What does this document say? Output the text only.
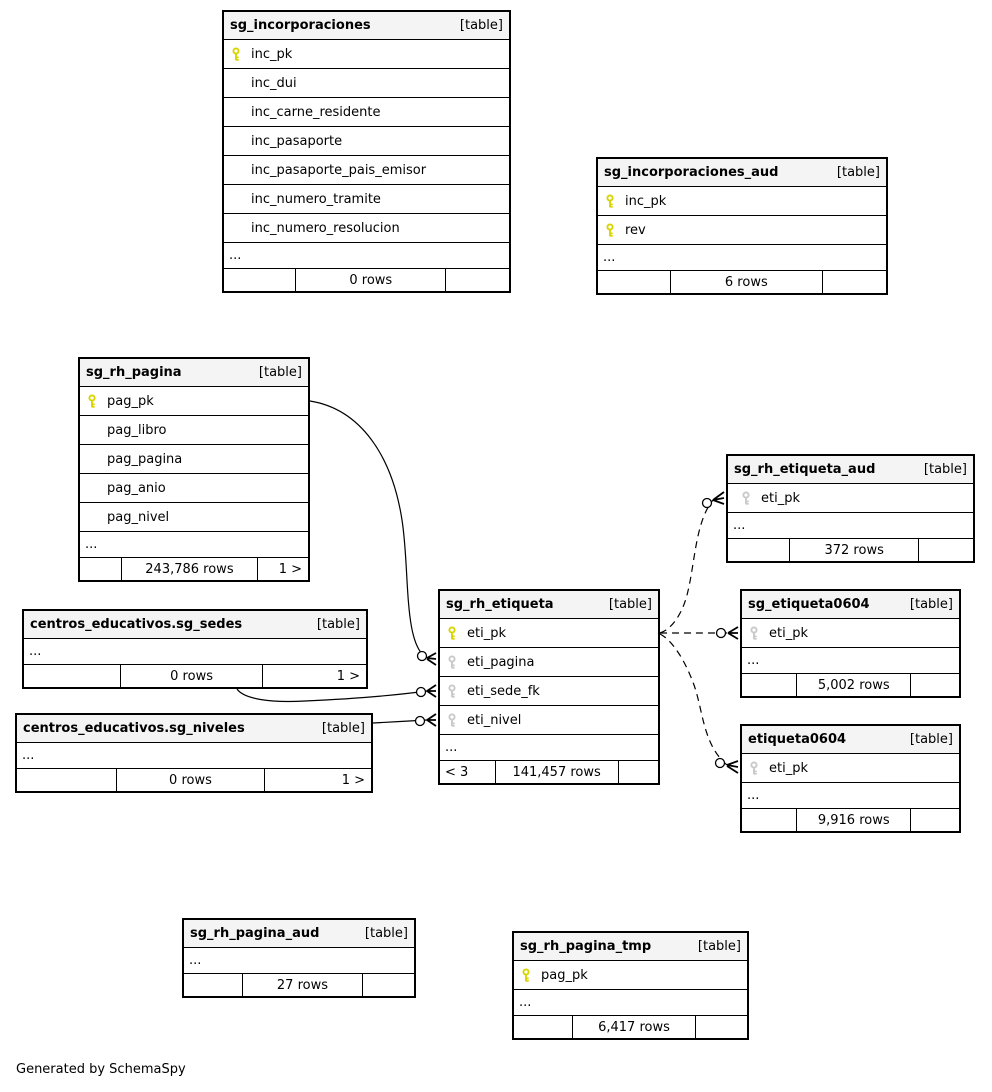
sg_incorporaciones	[table]
inc_pk
inc_dui
inc_carne_residente
inc_pasaporte
inc_pasaporte_pais_emisor
inc_numero_tramite
inc_numero_resolucion
...
0 rows
sg_incorporaciones_aud	[table]
inc_pk
rev
...
6 rows
sg_rh_pagina	[table]
pag_pk
pag_libro
pag_pagina
pag_anio
pag_nivel
...
243,786 rows	1 >
sg_rh_etiqueta_aud	[table]
eti_pk
...
372 rows
centros_educativos.sg_sedes	[table]
...
0 rows	1 >
sg_rh_etiqueta	[table]
eti_pk
eti_pagina
eti_sede_fk
eti_nivel
...
< 3	141,457 rows
sg_etiqueta0604	[table]
eti_pk
...
5,002 rows
centros_educativos.sg_niveles	[table]
...
0 rows	1 >
etiqueta0604	[table]
eti_pk
...
9,916 rows
sg_rh_pagina_aud	[table]
...
27 rows
sg_rh_pagina_tmp	[table]
pag_pk
...
6,417 rows
Generated by SchemaSpy
